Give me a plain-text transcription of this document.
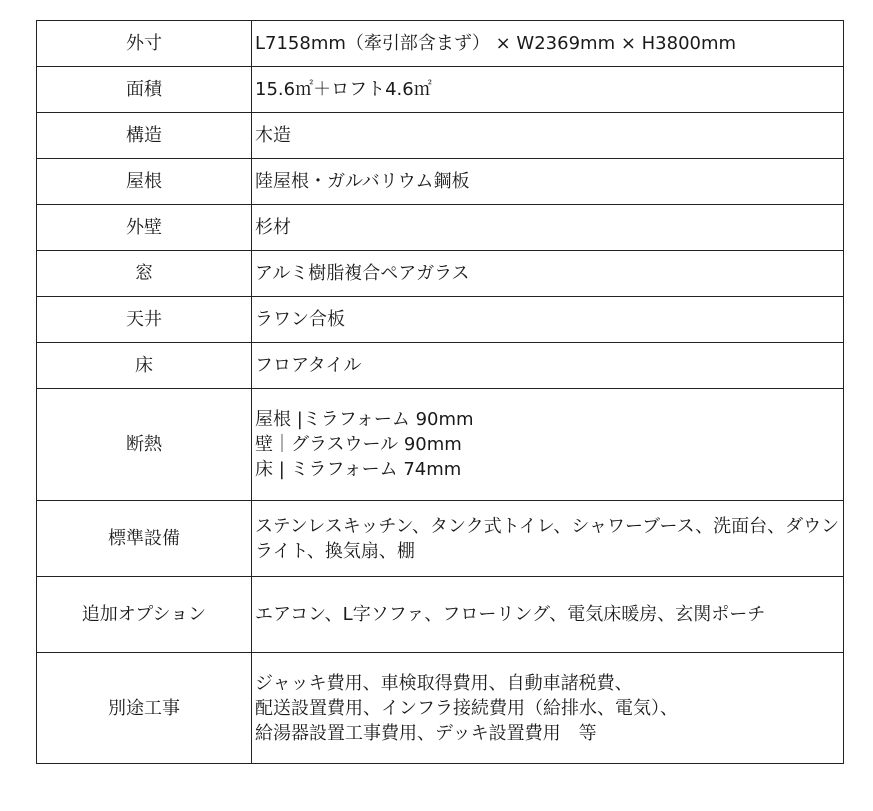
外寸	L7158mm（牽引部含まず） × W2369mm × H3800mm

面積	15.6㎡＋ロフト4.6㎡

構造	木造

屋根	陸屋根・ガルバリウム鋼板

外壁	杉材

窓	アルミ樹脂複合ペアガラス

天井	ラワン合板

床	フロアタイル

断熱	屋根 |ミラフォーム 90mm
壁｜グラスウール 90mm
床 | ミラフォーム 74mm

標準設備	ステンレスキッチン、タンク式トイレ、シャワーブース、洗面台、ダウンライト、換気扇、棚

追加オプション	エアコン、L字ソファ、フローリング、電気床暖房、玄関ポーチ

別途工事	ジャッキ費用、車検取得費用、自動車諸税費、
配送設置費用、インフラ接続費用（給排水、電気）、
給湯器設置工事費用、デッキ設置費用　等
